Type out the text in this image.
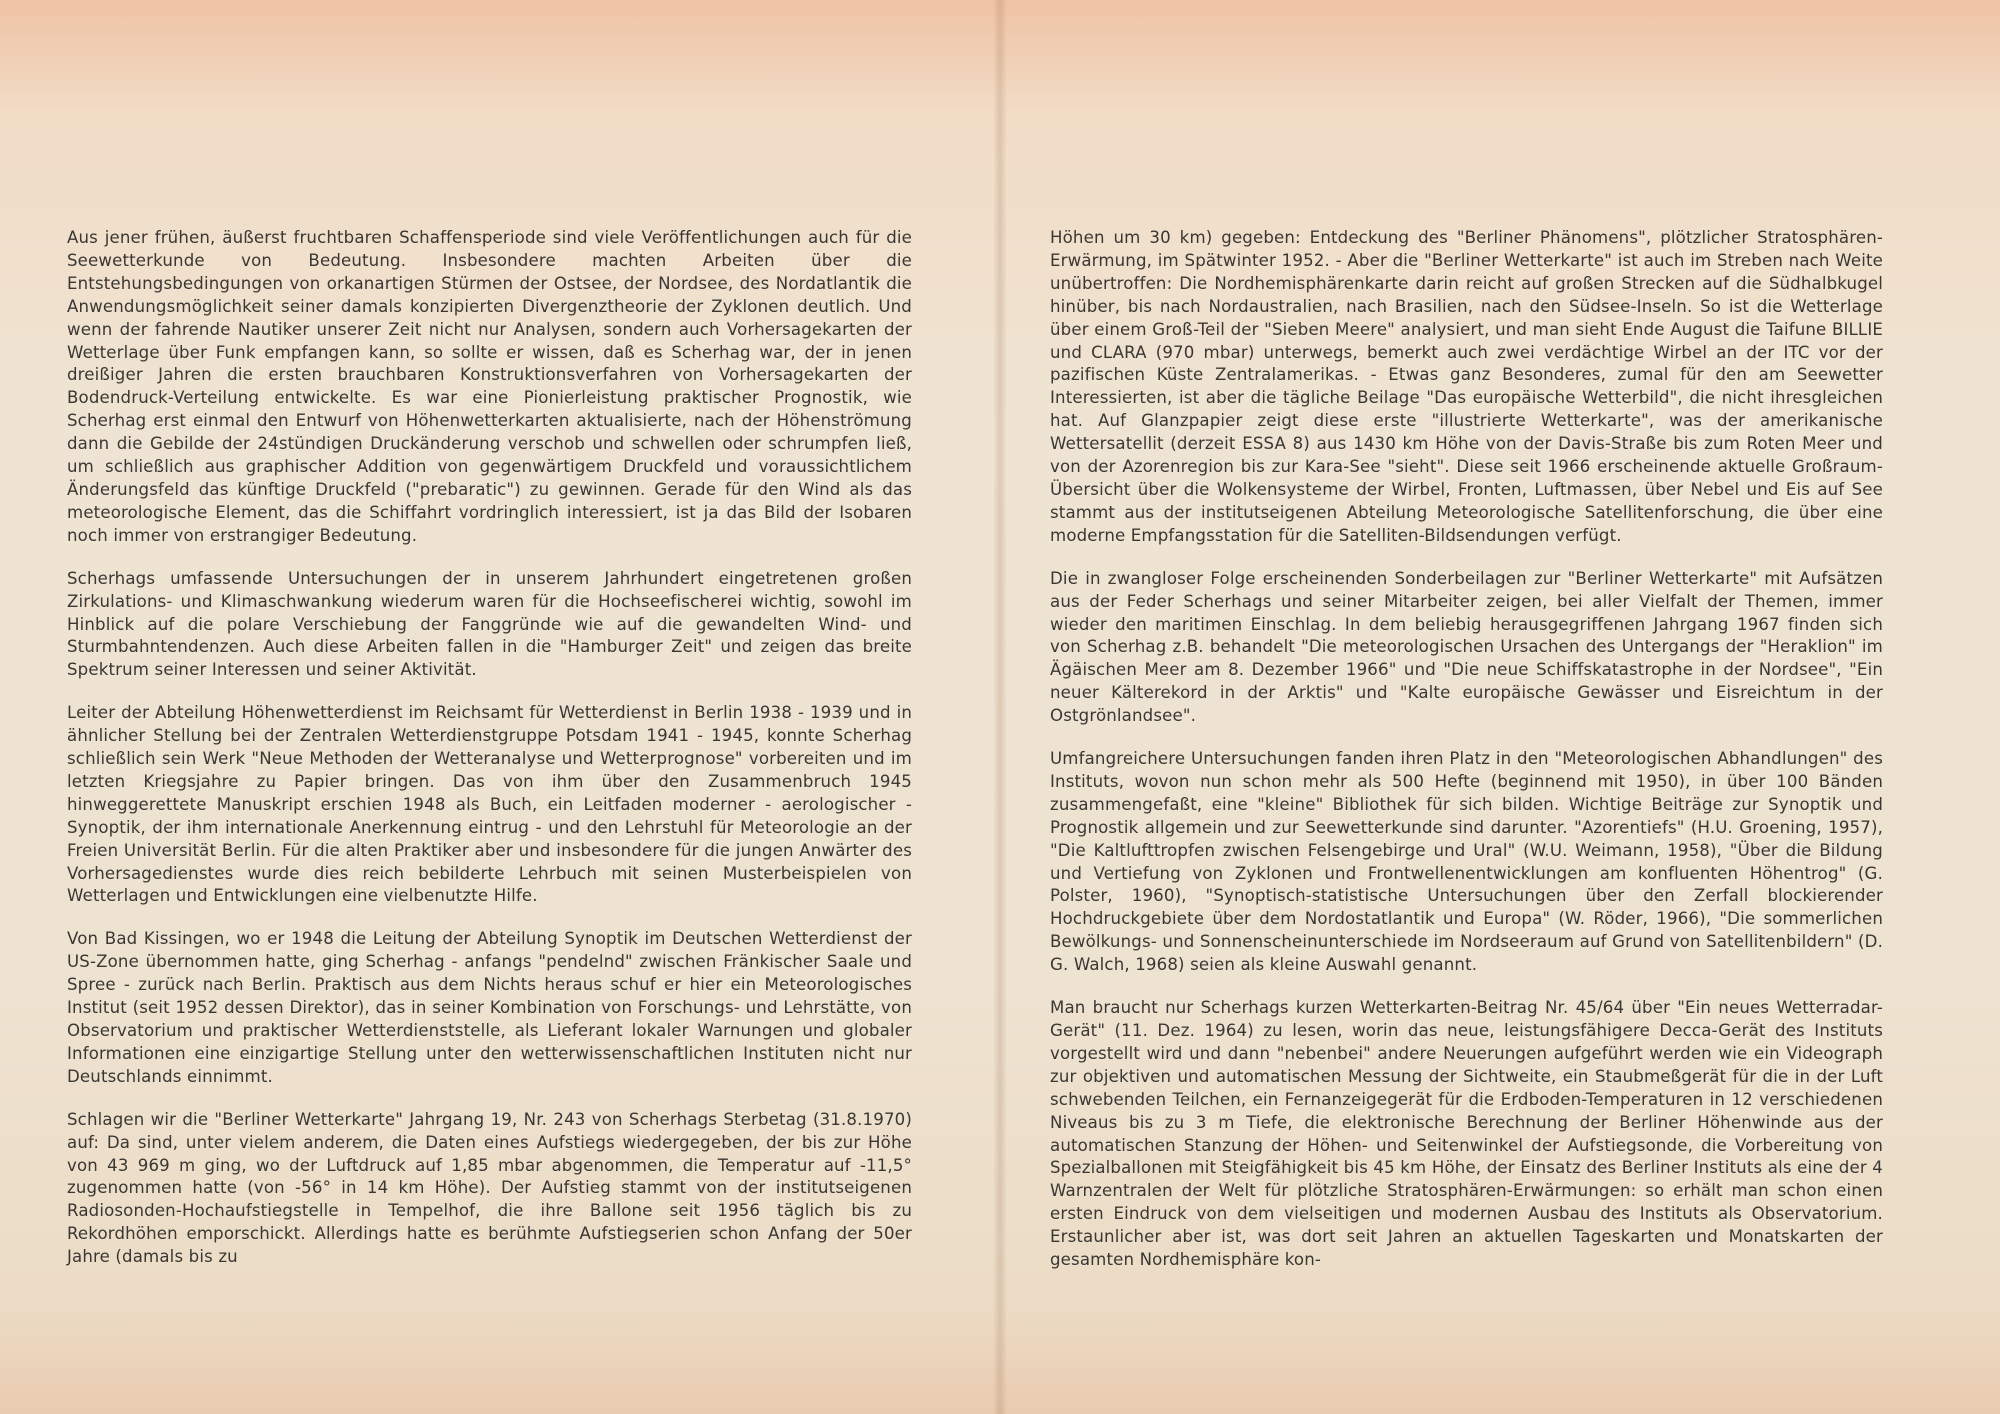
Aus jener frühen, äußerst fruchtbaren Schaffensperiode sind viele Veröffentlichungen auch für die Seewetterkunde von Bedeutung. Insbesondere machten Arbeiten über die Entstehungsbedingungen von orkanartigen Stürmen der Ostsee, der Nordsee, des Nordatlantik die Anwendungsmöglichkeit seiner damals konzipierten Divergenztheorie der Zyklonen deutlich. Und wenn der fahrende Nautiker unserer Zeit nicht nur Analysen, sondern auch Vorhersagekarten der Wetterlage über Funk empfangen kann, so sollte er wissen, daß es Scherhag war, der in jenen dreißiger Jahren die ersten brauchbaren Konstruktionsverfahren von Vorhersagekarten der Bodendruck-Verteilung entwickelte. Es war eine Pionierleistung praktischer Prognostik, wie Scherhag erst einmal den Entwurf von Höhenwetterkarten aktualisierte, nach der Höhenströmung dann die Gebilde der 24stündigen Druckänderung verschob und schwellen oder schrumpfen ließ, um schließlich aus graphischer Addition von gegenwärtigem Druckfeld und voraussichtlichem Änderungsfeld das künftige Druckfeld ("prebaratic") zu gewinnen. Gerade für den Wind als das meteorologische Element, das die Schiffahrt vordringlich interessiert, ist ja das Bild der Isobaren noch immer von erstrangiger Bedeutung.

Scherhags umfassende Untersuchungen der in unserem Jahrhundert eingetretenen großen Zirkulations- und Klimaschwankung wiederum waren für die Hochseefischerei wichtig, sowohl im Hinblick auf die polare Verschiebung der Fanggründe wie auf die gewandelten Wind- und Sturmbahntendenzen. Auch diese Arbeiten fallen in die "Hamburger Zeit" und zeigen das breite Spektrum seiner Interessen und seiner Aktivität.

Leiter der Abteilung Höhenwetterdienst im Reichsamt für Wetterdienst in Berlin 1938 - 1939 und in ähnlicher Stellung bei der Zentralen Wetterdienstgruppe Potsdam 1941 - 1945, konnte Scherhag schließlich sein Werk "Neue Methoden der Wetteranalyse und Wetterprognose" vorbereiten und im letzten Kriegsjahre zu Papier bringen. Das von ihm über den Zusammenbruch 1945 hinweggerettete Manuskript erschien 1948 als Buch, ein Leitfaden moderner - aerologischer - Synoptik, der ihm internationale Anerkennung eintrug - und den Lehrstuhl für Meteorologie an der Freien Universität Berlin. Für die alten Praktiker aber und insbesondere für die jungen Anwärter des Vorhersagedienstes wurde dies reich bebilderte Lehrbuch mit seinen Musterbeispielen von Wetterlagen und Entwicklungen eine vielbenutzte Hilfe.

Von Bad Kissingen, wo er 1948 die Leitung der Abteilung Synoptik im Deutschen Wetterdienst der US-Zone übernommen hatte, ging Scherhag - anfangs "pendelnd" zwischen Fränkischer Saale und Spree - zurück nach Berlin. Praktisch aus dem Nichts heraus schuf er hier ein Meteorologisches Institut (seit 1952 dessen Direktor), das in seiner Kombination von Forschungs- und Lehrstätte, von Observatorium und praktischer Wetterdienststelle, als Lieferant lokaler Warnungen und globaler Informationen eine einzigartige Stellung unter den wetterwissenschaftlichen Instituten nicht nur Deutschlands einnimmt.

Schlagen wir die "Berliner Wetterkarte" Jahrgang 19, Nr. 243 von Scherhags Sterbetag (31.8.1970) auf: Da sind, unter vielem anderem, die Daten eines Aufstiegs wiedergegeben, der bis zur Höhe von 43 969 m ging, wo der Luftdruck auf 1,85 mbar abgenommen, die Temperatur auf -11,5° zugenommen hatte (von -56° in 14 km Höhe). Der Aufstieg stammt von der institutseigenen Radiosonden-Hochaufstiegstelle in Tempelhof, die ihre Ballone seit 1956 täglich bis zu Rekordhöhen emporschickt. Allerdings hatte es berühmte Aufstiegserien schon Anfang der 50er Jahre (damals bis zu

Höhen um 30 km) gegeben: Entdeckung des "Berliner Phänomens", plötzlicher Stratosphären-Erwärmung, im Spätwinter 1952. - Aber die "Berliner Wetterkarte" ist auch im Streben nach Weite unübertroffen: Die Nordhemisphärenkarte darin reicht auf großen Strecken auf die Südhalbkugel hinüber, bis nach Nordaustralien, nach Brasilien, nach den Südsee-Inseln. So ist die Wetterlage über einem Groß-Teil der "Sieben Meere" analysiert, und man sieht Ende August die Taifune BILLIE und CLARA (970 mbar) unterwegs, bemerkt auch zwei verdächtige Wirbel an der ITC vor der pazifischen Küste Zentralamerikas. - Etwas ganz Besonderes, zumal für den am Seewetter Interessierten, ist aber die tägliche Beilage "Das europäische Wetterbild", die nicht ihresgleichen hat. Auf Glanzpapier zeigt diese erste "illustrierte Wetterkarte", was der amerikanische Wettersatellit (derzeit ESSA 8) aus 1430 km Höhe von der Davis-Straße bis zum Roten Meer und von der Azorenregion bis zur Kara-See "sieht". Diese seit 1966 erscheinende aktuelle Großraum-Übersicht über die Wolkensysteme der Wirbel, Fronten, Luftmassen, über Nebel und Eis auf See stammt aus der institutseigenen Abteilung Meteorologische Satellitenforschung, die über eine moderne Empfangsstation für die Satelliten-Bildsendungen verfügt.

Die in zwangloser Folge erscheinenden Sonderbeilagen zur "Berliner Wetterkarte" mit Aufsätzen aus der Feder Scherhags und seiner Mitarbeiter zeigen, bei aller Vielfalt der Themen, immer wieder den maritimen Einschlag. In dem beliebig herausgegriffenen Jahrgang 1967 finden sich von Scherhag z.B. behandelt "Die meteorologischen Ursachen des Untergangs der "Heraklion" im Ägäischen Meer am 8. Dezember 1966" und "Die neue Schiffskatastrophe in der Nordsee", "Ein neuer Kälterekord in der Arktis" und "Kalte europäische Gewässer und Eisreichtum in der Ostgrönlandsee".

Umfangreichere Untersuchungen fanden ihren Platz in den "Meteorologischen Abhandlungen" des Instituts, wovon nun schon mehr als 500 Hefte (beginnend mit 1950), in über 100 Bänden zusammengefaßt, eine "kleine" Bibliothek für sich bilden. Wichtige Beiträge zur Synoptik und Prognostik allgemein und zur Seewetterkunde sind darunter. "Azorentiefs" (H.U. Groening, 1957), "Die Kaltlufttropfen zwischen Felsengebirge und Ural" (W.U. Weimann, 1958), "Über die Bildung und Vertiefung von Zyklonen und Frontwellenentwicklungen am konfluenten Höhentrog" (G. Polster, 1960), "Synoptisch-statistische Untersuchungen über den Zerfall blockierender Hochdruckgebiete über dem Nordostatlantik und Europa" (W. Röder, 1966), "Die sommerlichen Bewölkungs- und Sonnenscheinunterschiede im Nordseeraum auf Grund von Satellitenbildern" (D. G. Walch, 1968) seien als kleine Auswahl genannt.

Man braucht nur Scherhags kurzen Wetterkarten-Beitrag Nr. 45/64 über "Ein neues Wetterradar-Gerät" (11. Dez. 1964) zu lesen, worin das neue, leistungsfähigere Decca-Gerät des Instituts vorgestellt wird und dann "nebenbei" andere Neuerungen aufgeführt werden wie ein Videograph zur objektiven und automatischen Messung der Sichtweite, ein Staubmeßgerät für die in der Luft schwebenden Teilchen, ein Fernanzeigegerät für die Erdboden-Temperaturen in 12 verschiedenen Niveaus bis zu 3 m Tiefe, die elektronische Berechnung der Berliner Höhenwinde aus der automatischen Stanzung der Höhen- und Seitenwinkel der Aufstiegsonde, die Vorbereitung von Spezialballonen mit Steigfähigkeit bis 45 km Höhe, der Einsatz des Berliner Instituts als eine der 4 Warnzentralen der Welt für plötzliche Stratosphären-Erwärmungen: so erhält man schon einen ersten Eindruck von dem vielseitigen und modernen Ausbau des Instituts als Observatorium. Erstaunlicher aber ist, was dort seit Jahren an aktuellen Tageskarten und Monatskarten der gesamten Nordhemisphäre kon-
